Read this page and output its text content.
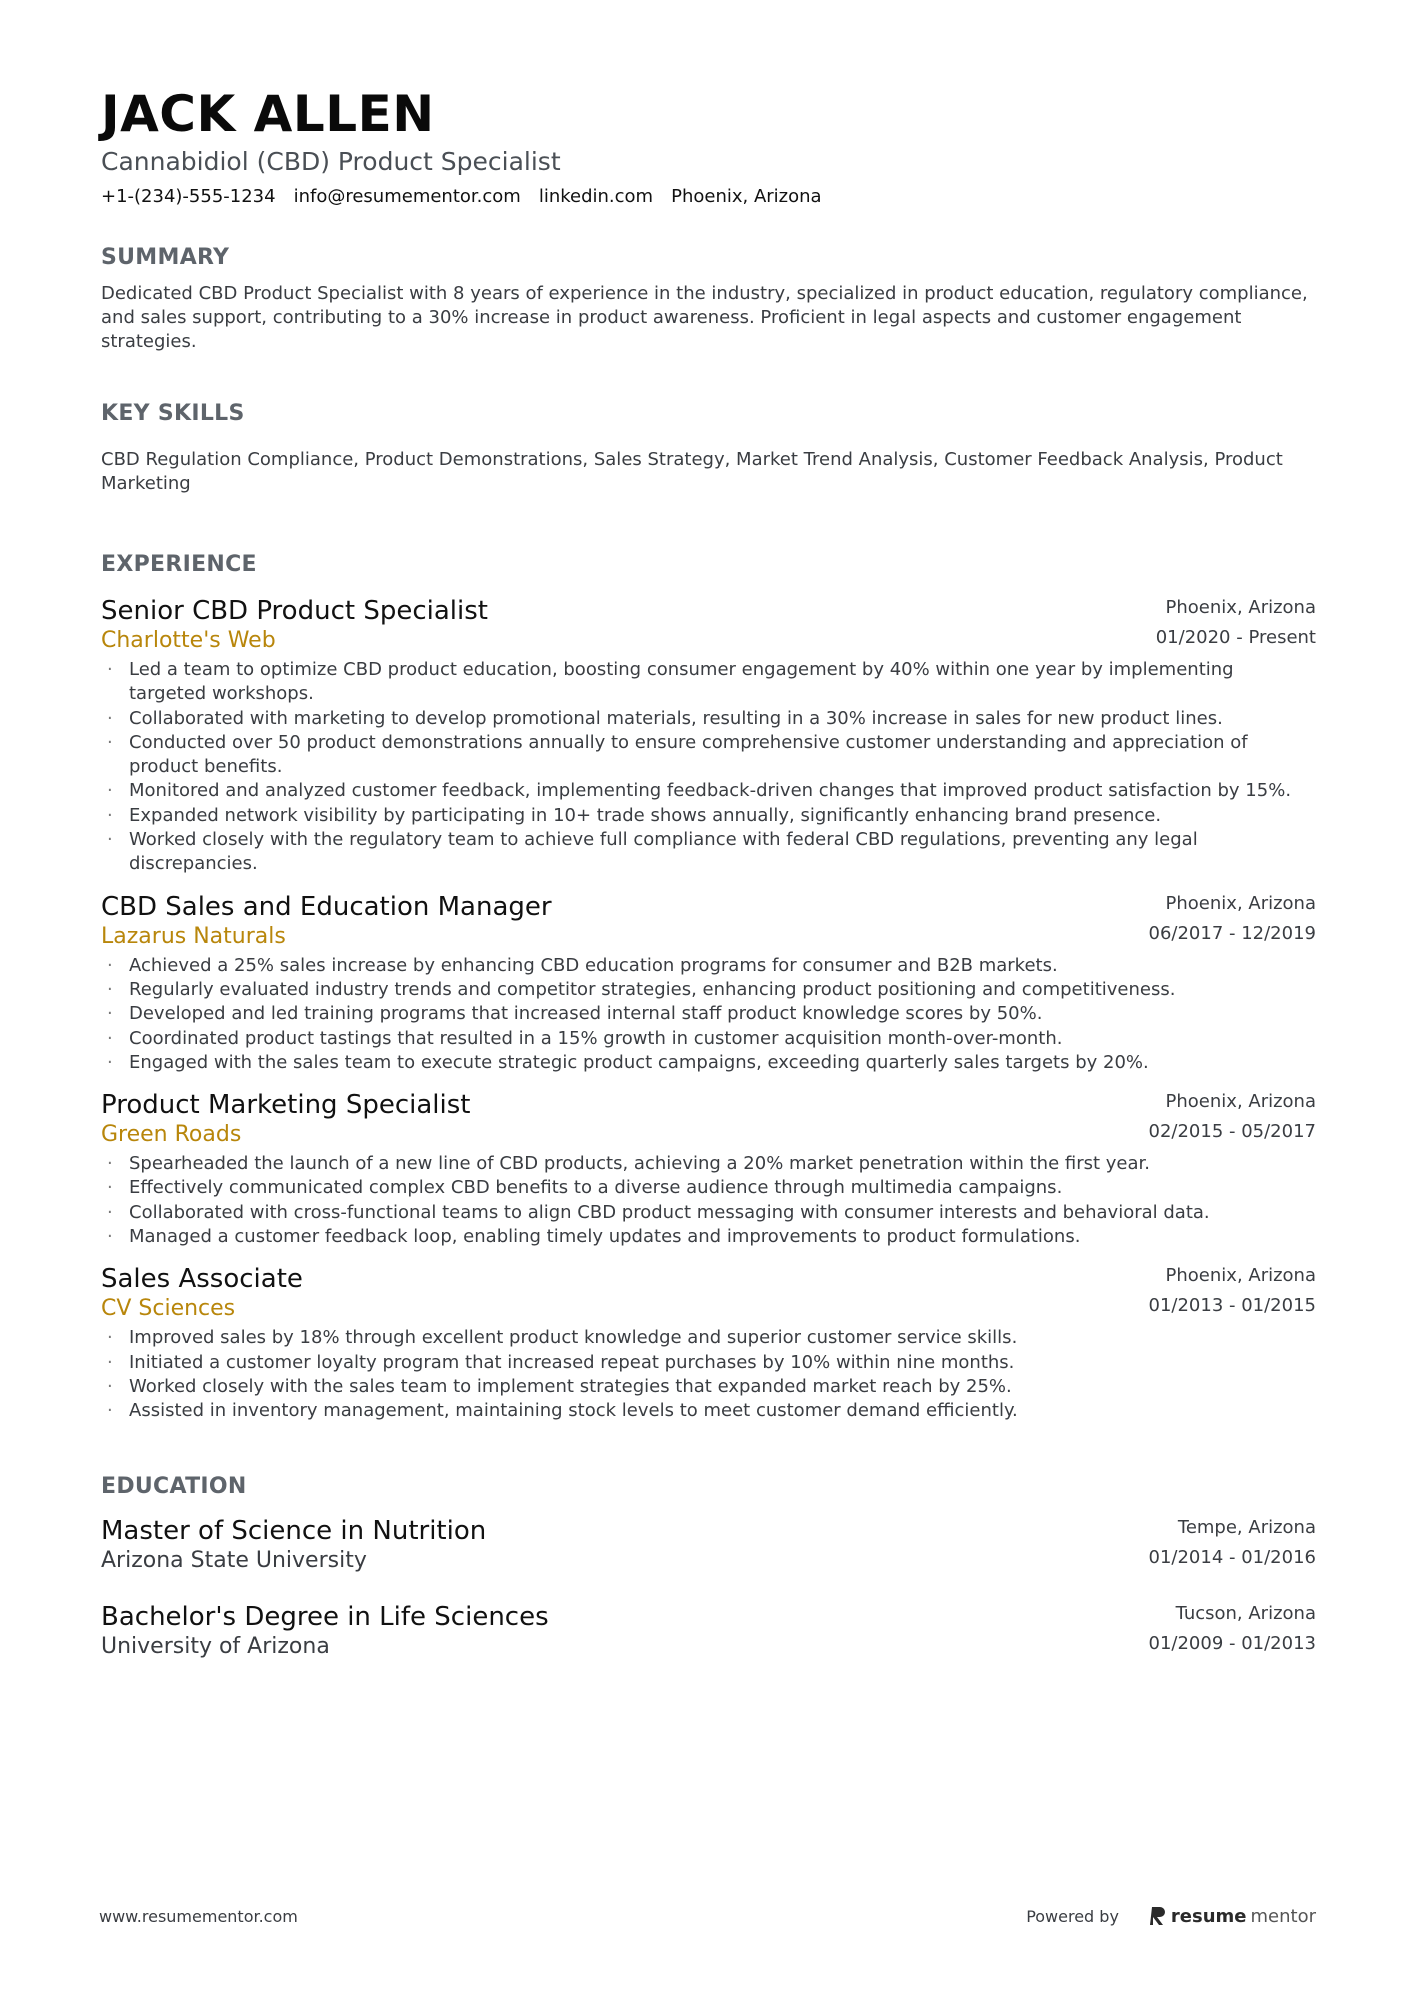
JACK ALLEN
Cannabidiol (CBD) Product Specialist
+1-(234)-555-1234 info@resumementor.com linkedin.com Phoenix, Arizona
SUMMARY

Dedicated CBD Product Specialist with 8 years of experience in the industry, specialized in product education, regulatory compliance, and sales support, contributing to a 30% increase in product awareness. Proficient in legal aspects and customer engagement strategies.

KEY SKILLS

CBD Regulation Compliance, Product Demonstrations, Sales Strategy, Market Trend Analysis, Customer Feedback Analysis, Product Marketing

EXPERIENCE
Senior CBD Product Specialist
Charlotte's Web
Phoenix, Arizona
01/2020 - Present
· Led a team to optimize CBD product education, boosting consumer engagement by 40% within one year by implementing targeted workshops.
· Collaborated with marketing to develop promotional materials, resulting in a 30% increase in sales for new product lines.
· Conducted over 50 product demonstrations annually to ensure comprehensive customer understanding and appreciation of product benefits.
· Monitored and analyzed customer feedback, implementing feedback-driven changes that improved product satisfaction by 15%.
· Expanded network visibility by participating in 10+ trade shows annually, significantly enhancing brand presence.
· Worked closely with the regulatory team to achieve full compliance with federal CBD regulations, preventing any legal discrepancies.
CBD Sales and Education Manager
Lazarus Naturals
Phoenix, Arizona
06/2017 - 12/2019
· Achieved a 25% sales increase by enhancing CBD education programs for consumer and B2B markets.
· Regularly evaluated industry trends and competitor strategies, enhancing product positioning and competitiveness.
· Developed and led training programs that increased internal staff product knowledge scores by 50%.
· Coordinated product tastings that resulted in a 15% growth in customer acquisition month-over-month.
· Engaged with the sales team to execute strategic product campaigns, exceeding quarterly sales targets by 20%.
Product Marketing Specialist
Green Roads
Phoenix, Arizona
02/2015 - 05/2017
· Spearheaded the launch of a new line of CBD products, achieving a 20% market penetration within the first year.
· Effectively communicated complex CBD benefits to a diverse audience through multimedia campaigns.
· Collaborated with cross-functional teams to align CBD product messaging with consumer interests and behavioral data.
· Managed a customer feedback loop, enabling timely updates and improvements to product formulations.
Sales Associate
CV Sciences
Phoenix, Arizona
01/2013 - 01/2015
· Improved sales by 18% through excellent product knowledge and superior customer service skills.
· Initiated a customer loyalty program that increased repeat purchases by 10% within nine months.
· Worked closely with the sales team to implement strategies that expanded market reach by 25%.
· Assisted in inventory management, maintaining stock levels to meet customer demand efficiently.
EDUCATION
Master of Science in Nutrition
Arizona State University
Tempe, Arizona
01/2014 - 01/2016
Bachelor's Degree in Life Sciences
University of Arizona
Tucson, Arizona
01/2009 - 01/2013
www.resumementor.com	Powered by	resume mentor
